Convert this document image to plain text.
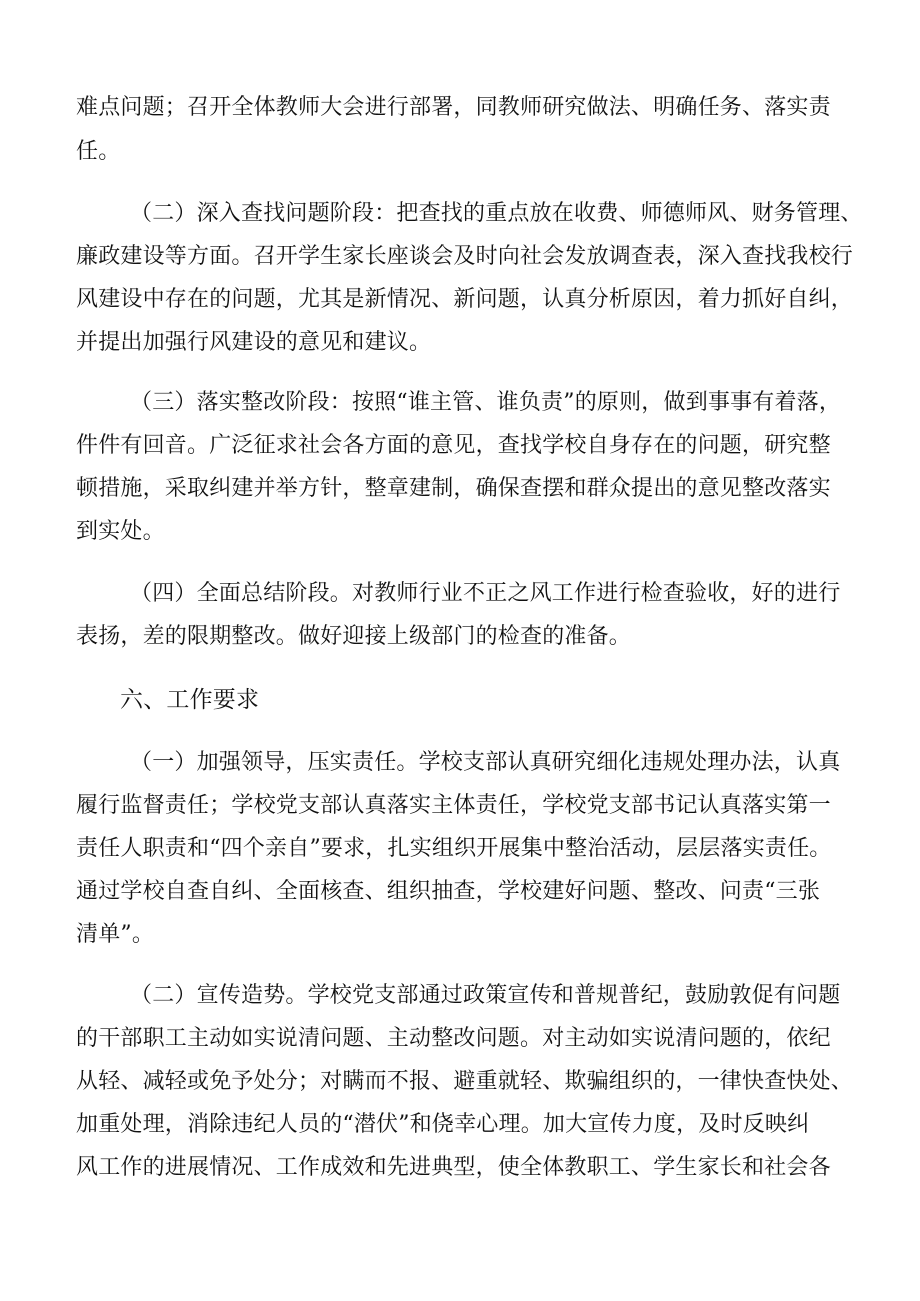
难点问题；召开全体教师大会进行部署，同教师研究做法、明确任务、落实责
任。
（二）深入查找问题阶段：把查找的重点放在收费、师德师风、财务管理、
廉政建设等方面。召开学生家长座谈会及时向社会发放调查表，深入查找我校行
风建设中存在的问题，尤其是新情况、新问题，认真分析原因，着力抓好自纠，
并提出加强行风建设的意见和建议。
（三）落实整改阶段：按照“谁主管、谁负责”的原则，做到事事有着落，
件件有回音。广泛征求社会各方面的意见，查找学校自身存在的问题，研究整
顿措施，采取纠建并举方针，整章建制，确保查摆和群众提出的意见整改落实
到实处。
（四）全面总结阶段。对教师行业不正之风工作进行检查验收，好的进行
表扬，差的限期整改。做好迎接上级部门的检查的准备。
六、工作要求
（一）加强领导，压实责任。学校支部认真研究细化违规处理办法，认真
履行监督责任；学校党支部认真落实主体责任，学校党支部书记认真落实第一
责任人职责和“四个亲自”要求，扎实组织开展集中整治活动，层层落实责任。
通过学校自查自纠、全面核查、组织抽查，学校建好问题、整改、问责“三张
清单”。
（二）宣传造势。学校党支部通过政策宣传和普规普纪，鼓励敦促有问题
的干部职工主动如实说清问题、主动整改问题。对主动如实说清问题的，依纪
从轻、减轻或免予处分；对瞒而不报、避重就轻、欺骗组织的，一律快查快处、
加重处理，消除违纪人员的“潜伏”和侥幸心理。加大宣传力度，及时反映纠
风工作的进展情况、工作成效和先进典型，使全体教职工、学生家长和社会各
